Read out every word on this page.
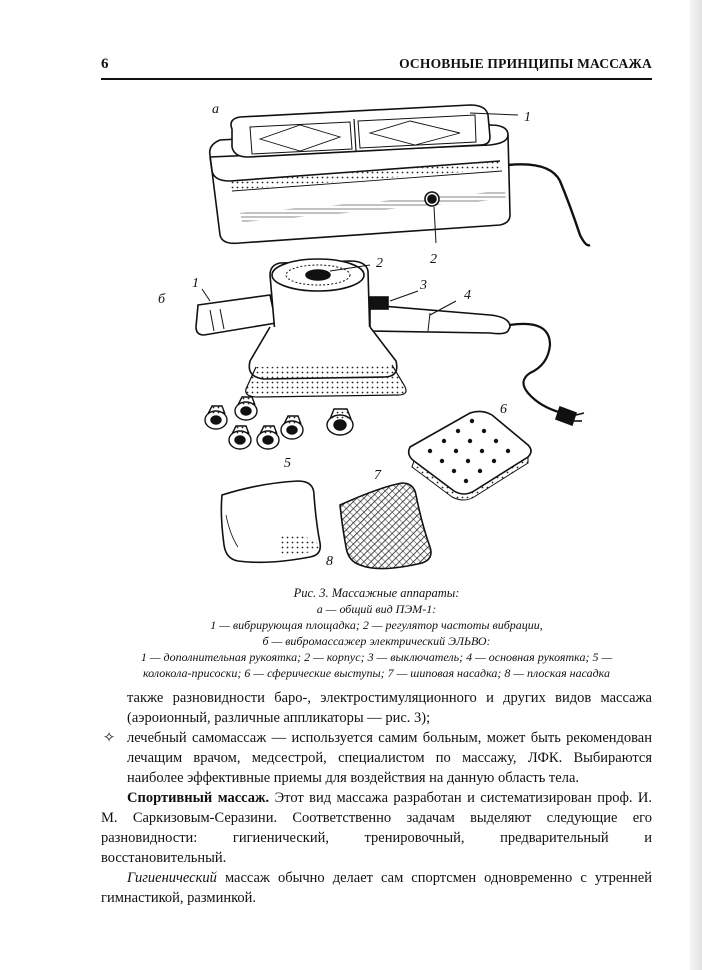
6	ОСНОВНЫЕ ПРИНЦИПЫ МАССАЖА
а
1
2
б
1
2
3
4
5
6
7
8
Рис. 3. Массажные аппараты:
а — общий вид ПЭМ-1:
1 — вибрирующая площадка; 2 — регулятор частоты вибрации,
б — вибромассажер электрический ЭЛЬВО:
1 — дополнительная рукоятка; 2 — корпус; 3 — выключатель; 4 — основная рукоятка; 5 —
колокола-присоски; 6 — сферические выступы; 7 — шиповая насадка; 8 — плоская насадка

также разновидности баро-, электростимуляционного и других видов массажа (аэроионный, различные аппликаторы — рис. 3);

✧ лечебный самомассаж — используется самим больным, может быть рекомендован лечащим врачом, медсестрой, специалистом по массажу, ЛФК. Выбираются наиболее эффективные приемы для воздействия на данную область тела.

Спортивный массаж. Этот вид массажа разработан и систематизирован проф. И. М. Саркизовым-Серазини. Соответственно задачам выделяют следующие его разновидности: гигиенический, тренировочный, предварительный и восстановительный.

Гигиенический массаж обычно делает сам спортсмен одновременно с утренней гимнастикой, разминкой.
